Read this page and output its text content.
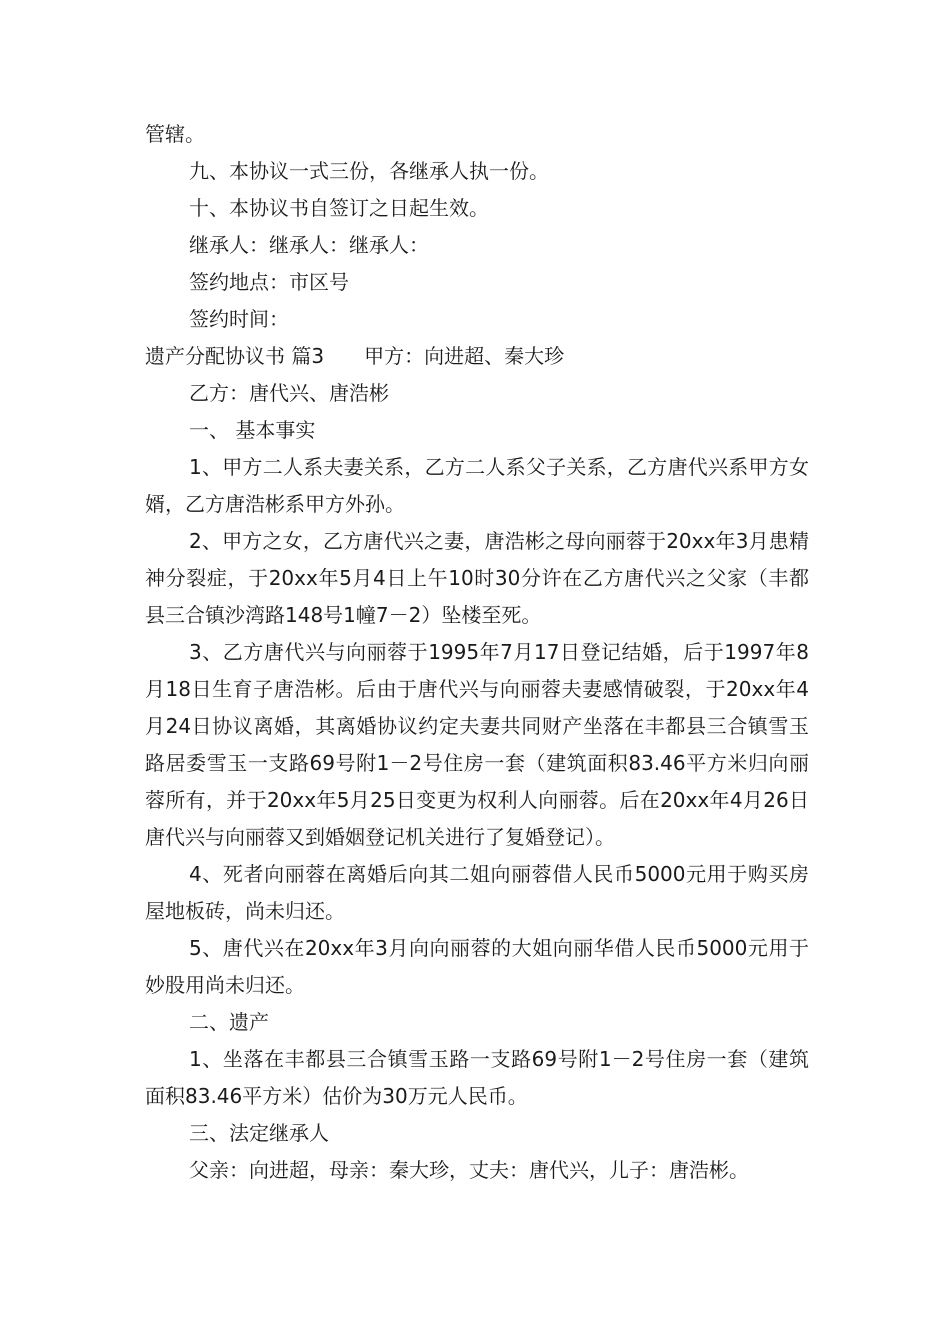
管辖。

九、本协议一式三份，各继承人执一份。

十、本协议书自签订之日起生效。

继承人：继承人：继承人：

签约地点：市区号

签约时间：

遗产分配协议书 篇3　　甲方：向进超、秦大珍

乙方：唐代兴、唐浩彬

一、 基本事实

1、甲方二人系夫妻关系，乙方二人系父子关系，乙方唐代兴系甲方女婿，乙方唐浩彬系甲方外孙。

2、甲方之女，乙方唐代兴之妻，唐浩彬之母向丽蓉于20xx年3月患精神分裂症，于20xx年5月4日上午10时30分许在乙方唐代兴之父家（丰都县三合镇沙湾路148号1幢7－2）坠楼至死。

3、乙方唐代兴与向丽蓉于1995年7月17日登记结婚，后于1997年8月18日生育子唐浩彬。后由于唐代兴与向丽蓉夫妻感情破裂，于20xx年4月24日协议离婚，其离婚协议约定夫妻共同财产坐落在丰都县三合镇雪玉路居委雪玉一支路69号附1－2号住房一套（建筑面积83.46平方米归向丽蓉所有，并于20xx年5月25日变更为权利人向丽蓉。后在20xx年4月26日唐代兴与向丽蓉又到婚姻登记机关进行了复婚登记）。

4、死者向丽蓉在离婚后向其二姐向丽蓉借人民币5000元用于购买房屋地板砖，尚未归还。

5、唐代兴在20xx年3月向向丽蓉的大姐向丽华借人民币5000元用于妙股用尚未归还。

二、遗产

1、坐落在丰都县三合镇雪玉路一支路69号附1－2号住房一套（建筑面积83.46平方米）估价为30万元人民币。

三、法定继承人

父亲：向进超，母亲：秦大珍，丈夫：唐代兴，儿子：唐浩彬。
